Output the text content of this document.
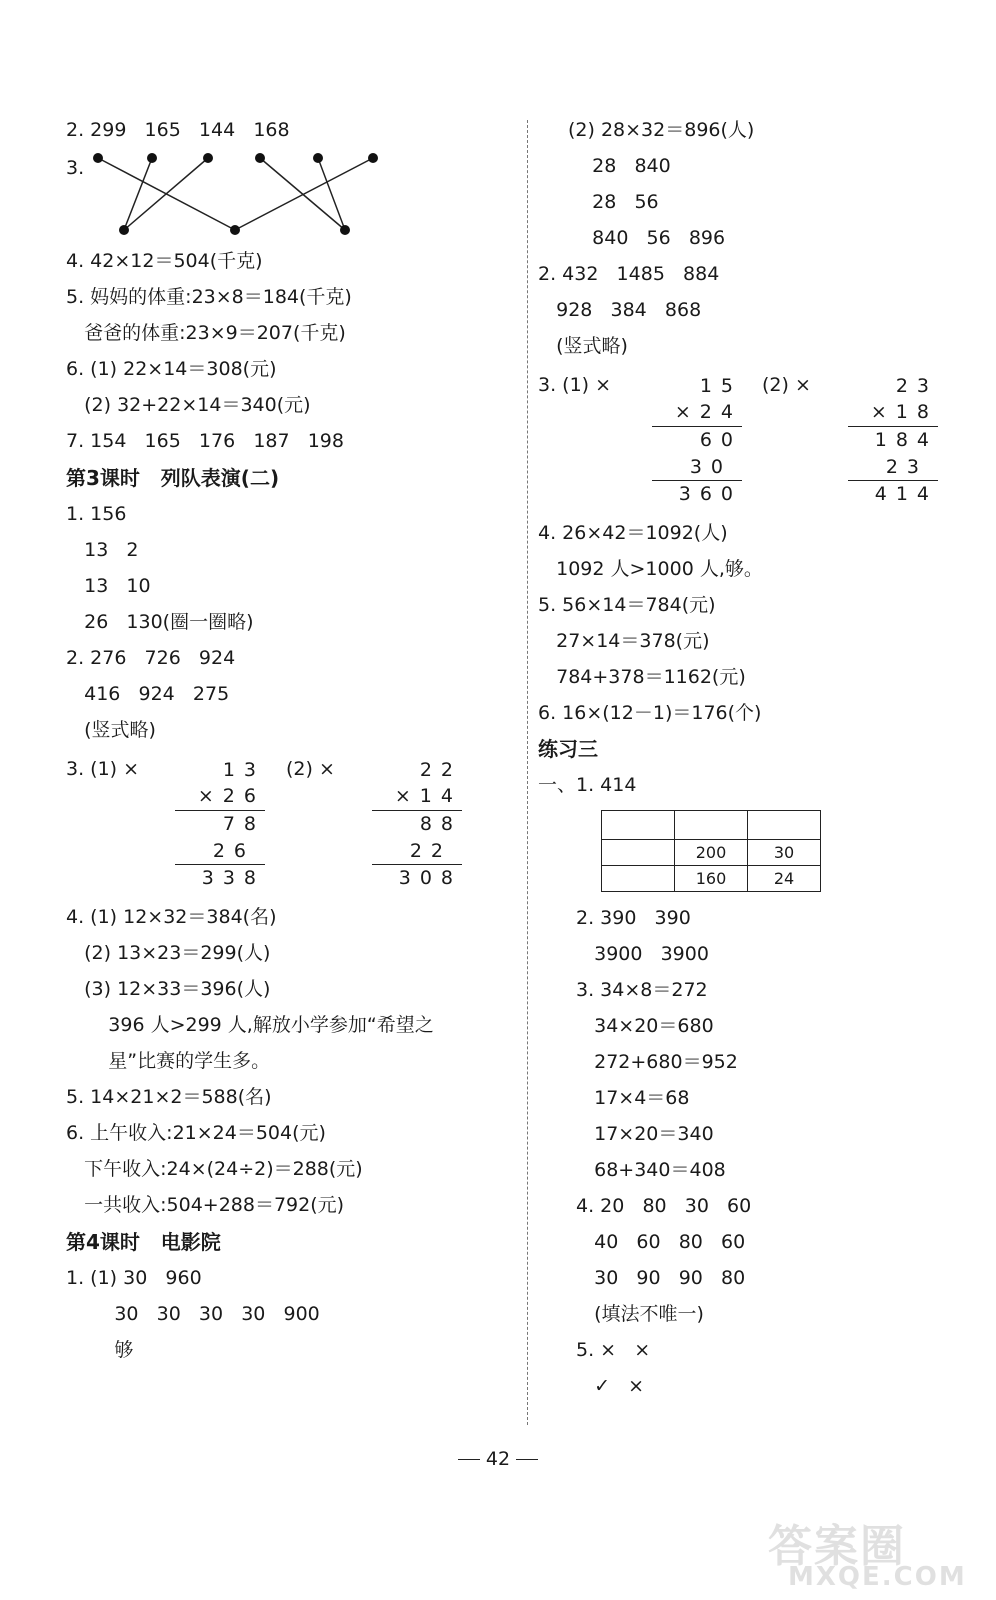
2. 299   165   144   168
3.
4. 42×12＝504(千克)
5. 妈妈的体重:23×8＝184(千克)
爸爸的体重:23×9＝207(千克)
6. (1) 22×14＝308(元)
(2) 32+22×14＝340(元)
7. 154   165   176   187   198
第3课时   列队表演(二)
1. 156
13   2
13   10
26   130(圈一圈略)
2. 276   726   924
416   924   275
(竖式略)
3. (1) ×	(2) ×
13
×26
78
26
338
22
×14
88
22
308
4. (1) 12×32＝384(名)
(2) 13×23＝299(人)
(3) 12×33＝396(人)
396 人>299 人,解放小学参加“希望之
星”比赛的学生多。
5. 14×21×2＝588(名)
6. 上午收入:21×24＝504(元)
下午收入:24×(24÷2)＝288(元)
一共收入:504+288＝792(元)
第4课时   电影院
1. (1) 30   960
30   30   30   30   900
够
(2) 28×32＝896(人)
28   840
28   56
840   56   896
2. 432   1485   884
928   384   868
(竖式略)
3. (1) ×	(2) ×
15
×24
60
30
360
23
×18
184
23
414
4. 26×42＝1092(人)
1092 人>1000 人,够。
5. 56×14＝784(元)
27×14＝378(元)
784+378＝1162(元)
6. 16×(12－1)＝176(个)
练习三
一、1. 414

	200	30
	160	24
2. 390   390
3900   3900
3. 34×8＝272
34×20＝680
272+680＝952
17×4＝68
17×20＝340
68+340＝408
4. 20   80   30   60
40   60   80   60
30   90   90   80
(填法不唯一)
5. ×   ×
✓   ×
42
答案圈
MXQE.COM
